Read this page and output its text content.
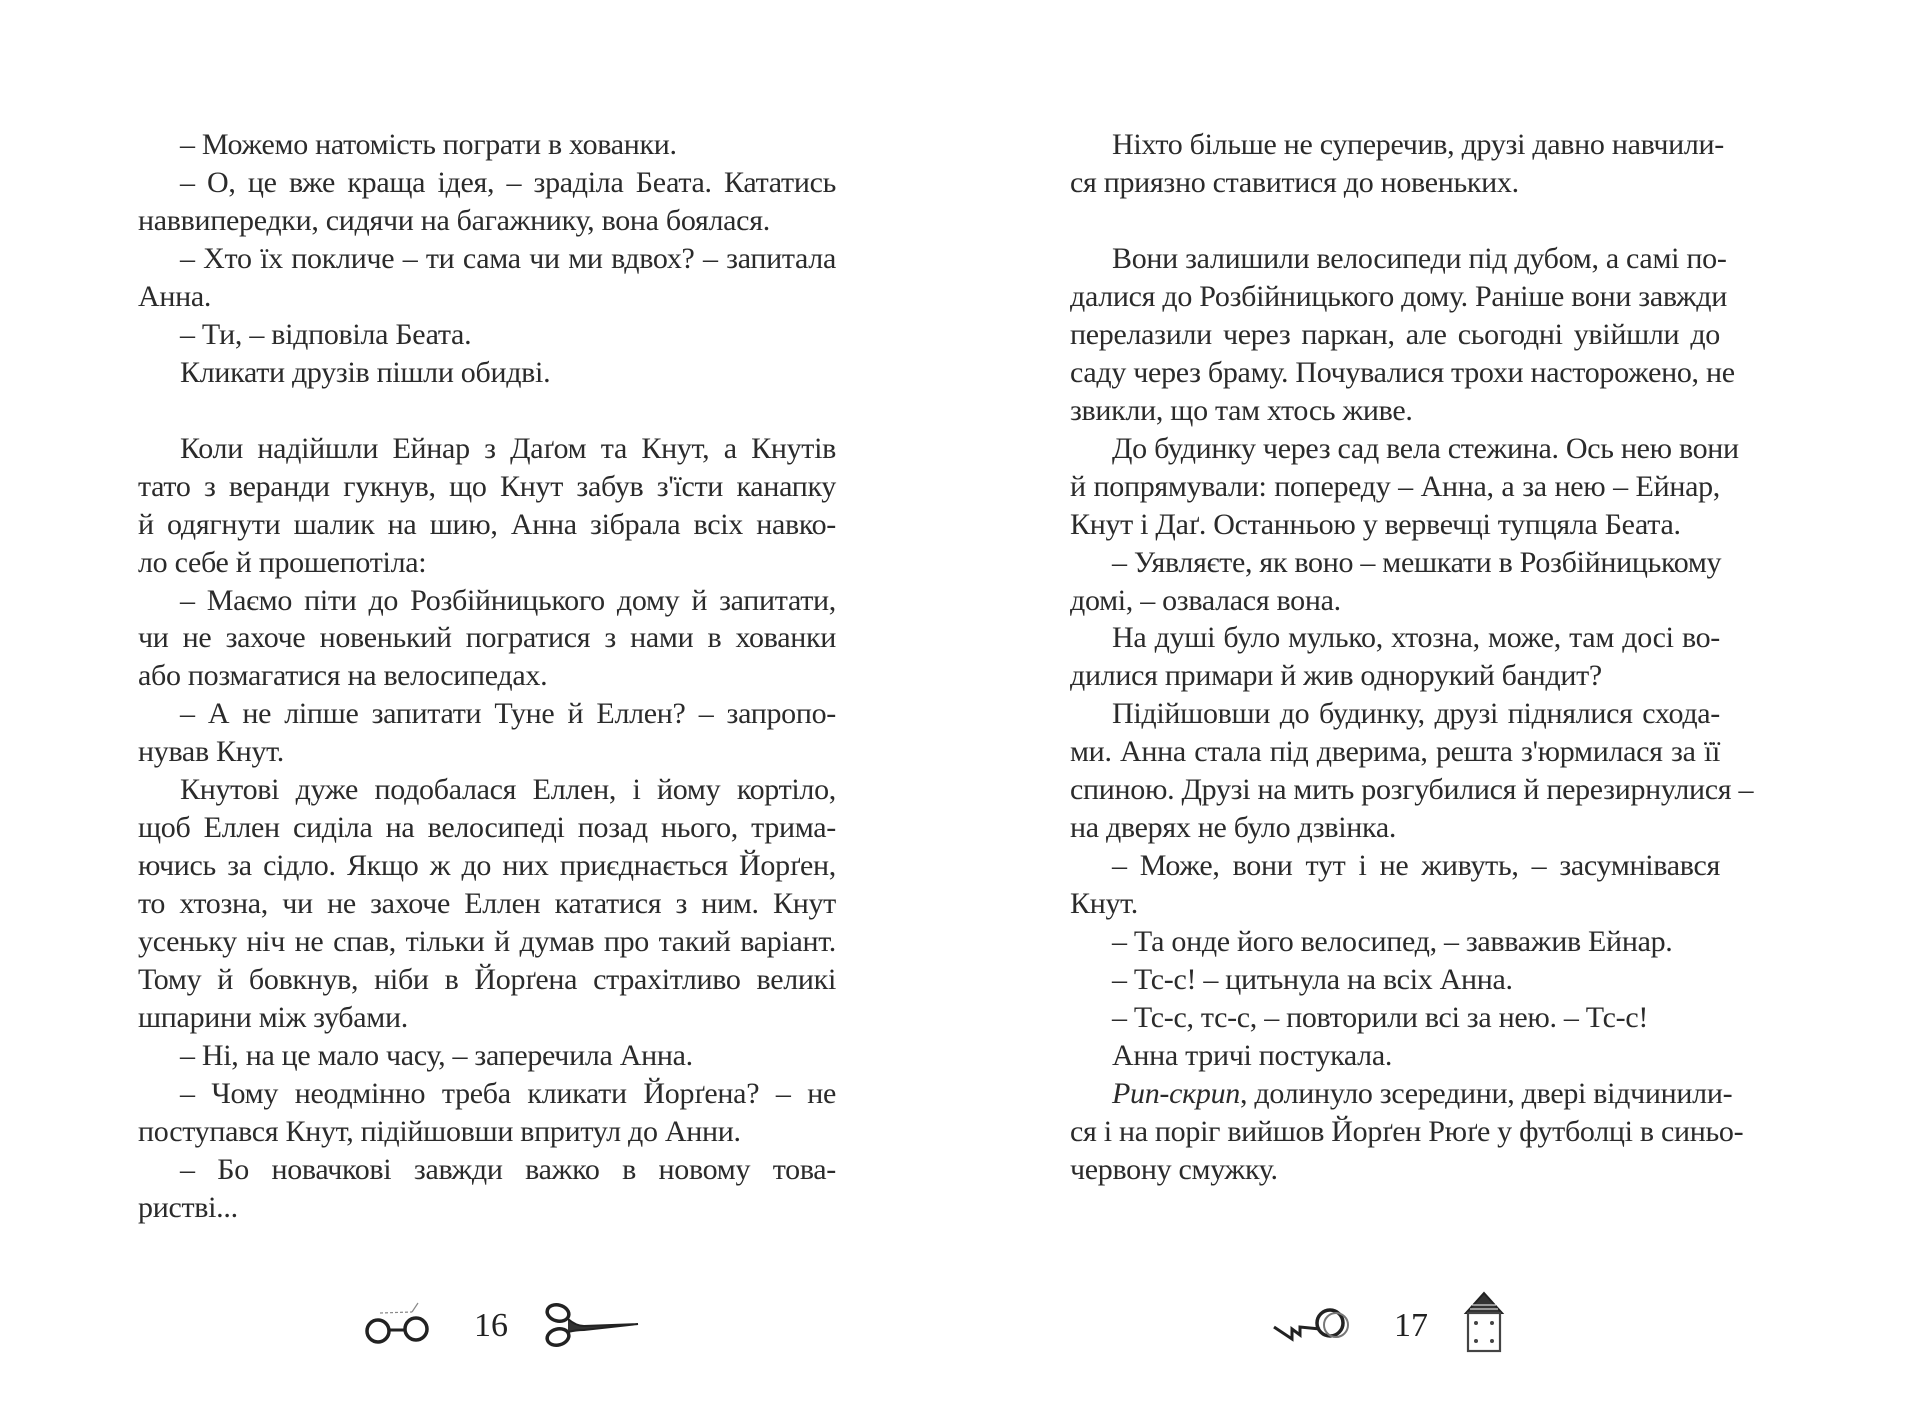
– Можемо натомість пограти в хованки.
– О, це вже краща ідея, – зраділа Беата. Кататись
наввипередки, сидячи на багажнику, вона боялася.
– Хто їх покличе – ти сама чи ми вдвох? – запитала
Анна.
– Ти, – відповіла Беата.
Кликати друзів пішли обидві.
Коли надійшли Ейнар з Даґом та Кнут, а Кнутів
тато з веранди гукнув, що Кнут забув з'їсти канапку
й одягнути шалик на шию, Анна зібрала всіх навко-
ло себе й прошепотіла:
– Маємо піти до Розбійницького дому й запитати,
чи не захоче новенький погратися з нами в хованки
або позмагатися на велосипедах.
– А не ліпше запитати Туне й Еллен? – запропо-
нував Кнут.
Кнутові дуже подобалася Еллен, і йому кортіло,
щоб Еллен сиділа на велосипеді позад нього, трима-
ючись за сідло. Якщо ж до них приєднається Йорґен,
то хтозна, чи не захоче Еллен кататися з ним. Кнут
усеньку ніч не спав, тільки й думав про такий варіант.
Тому й бовкнув, ніби в Йорґена страхітливо великі
шпарини між зубами.
– Ні, на це мало часу, – заперечила Анна.
– Чому неодмінно треба кликати Йорґена? – не
поступався Кнут, підійшовши впритул до Анни.
– Бо новачкові завжди важко в новому това-
ристві...
16
Ніхто більше не суперечив, друзі давно навчили-
ся приязно ставитися до новеньких.
Вони залишили велосипеди під дубом, а самі по-
далися до Розбійницького дому. Раніше вони завжди
перелазили через паркан, але сьогодні увійшли до
саду через браму. Почувалися трохи насторожено, не
звикли, що там хтось живе.
До будинку через сад вела стежина. Ось нею вони
й попрямували: попереду – Анна, а за нею – Ейнар,
Кнут і Даґ. Останньою у вервечці тупцяла Беата.
– Уявляєте, як воно – мешкати в Розбійницькому
домі, – озвалася вона.
На душі було мулько, хтозна, може, там досі во-
дилися примари й жив однорукий бандит?
Підійшовши до будинку, друзі піднялися схода-
ми. Анна стала під дверима, решта з'юрмилася за її
спиною. Друзі на мить розгубилися й перезирнулися –
на дверях не було дзвінка.
– Може, вони тут і не живуть, – засумнівався
Кнут.
– Та онде його велосипед, – завважив Ейнар.
– Тс-с! – цитьнула на всіх Анна.
– Тс-с, тс-с, – повторили всі за нею. – Тс-с!
Анна тричі постукала.
Рип-скрип, долинуло зсередини, двері відчинили-
ся і на поріг вийшов Йорґен Рюґе у футболці в синьо-
червону смужку.
17
